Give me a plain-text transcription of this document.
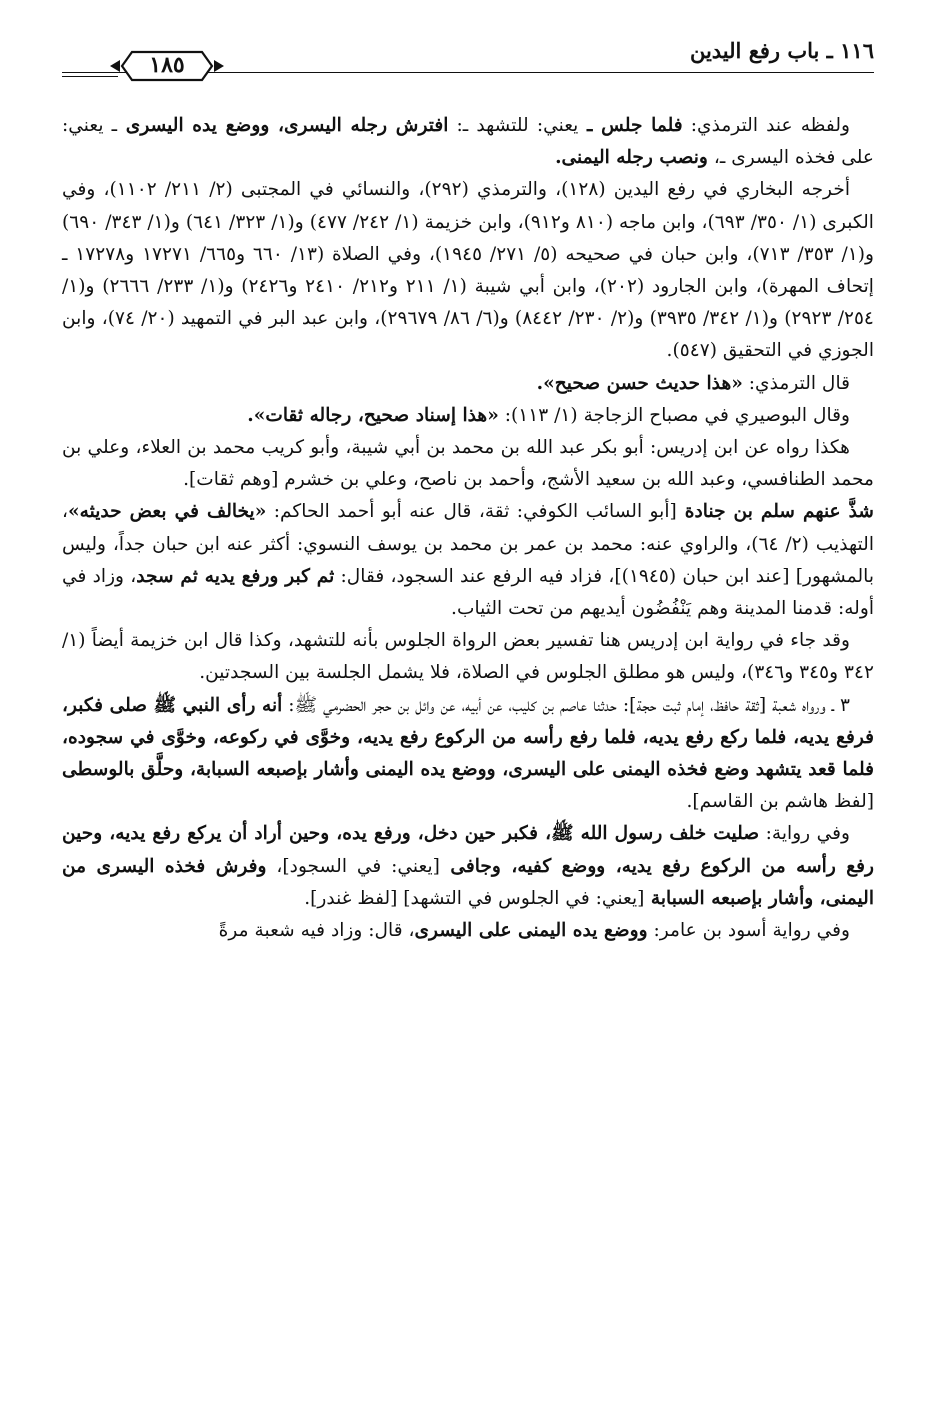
١١٦ ـ باب رفع اليدين
١٨٥

ولفظه عند الترمذي: فلما جلس ـ يعني: للتشهد ـ: افترش رجله اليسرى، ووضع يده اليسرى ـ يعني: على فخذه اليسرى ـ، ونصب رجله اليمنى.

أخرجه البخاري في رفع اليدين (١٢٨)، والترمذي (٢٩٢)، والنسائي في المجتبى (٢/ ٢١١/ ١١٠٢)، وفي الكبرى (١/ ٣٥٠/ ٦٩٣)، وابن ماجه (٨١٠ و٩١٢)، وابن خزيمة (١/ ٢٤٢/ ٤٧٧) و(١/ ٣٢٣/ ٦٤١) و(١/ ٣٤٣/ ٦٩٠) و(١/ ٣٥٣/ ٧١٣)، وابن حبان في صحيحه (٥/ ٢٧١/ ١٩٤٥)، وفي الصلاة (١٣/ ٦٦٠ و٦٦٥/ ١٧٢٧١ و١٧٢٧٨ ـ إتحاف المهرة)، وابن الجارود (٢٠٢)، وابن أبي شيبة (١/ ٢١١ و٢١٢/ ٢٤١٠ و٢٤٢٦) و(١/ ٢٣٣/ ٢٦٦٦) و(١/ ٢٥٤/ ٢٩٢٣) و(١/ ٣٤٢/ ٣٩٣٥) و(٢/ ٢٣٠/ ٨٤٤٢) و(٦/ ٨٦/ ٢٩٦٧٩)، وابن عبد البر في التمهيد (٢٠/ ٧٤)، وابن الجوزي في التحقيق (٥٤٧).

قال الترمذي: «هذا حديث حسن صحيح».

وقال البوصيري في مصباح الزجاجة (١/ ١١٣): «هذا إسناد صحيح، رجاله ثقات».

هكذا رواه عن ابن إدريس: أبو بكر عبد الله بن محمد بن أبي شيبة، وأبو كريب محمد بن العلاء، وعلي بن محمد الطنافسي، وعبد الله بن سعيد الأشج، وأحمد بن ناصح، وعلي بن خشرم [وهم ثقات].

شذَّ عنهم سلم بن جنادة [أبو السائب الكوفي: ثقة، قال عنه أبو أحمد الحاكم: «يخالف في بعض حديثه»، التهذيب (٢/ ٦٤)، والراوي عنه: محمد بن عمر بن محمد بن يوسف النسوي: أكثر عنه ابن حبان جداً، وليس بالمشهور] [عند ابن حبان (١٩٤٥)]، فزاد فيه الرفع عند السجود، فقال: ثم كبر ورفع يديه ثم سجد، وزاد في أوله: قدمنا المدينة وهم يَنْفُضُون أيديهم من تحت الثياب.

وقد جاء في رواية ابن إدريس هنا تفسير بعض الرواة الجلوس بأنه للتشهد، وكذا قال ابن خزيمة أيضاً (١/ ٣٤٢ و٣٤٥ و٣٤٦)، وليس هو مطلق الجلوس في الصلاة، فلا يشمل الجلسة بين السجدتين.

٣ ـ ورواه شعبة [ثقة حافظ، إمام ثبت حجة]: حدثنا عاصم بن كليب، عن أبيه، عن وائل بن حجر الحضرمي ﷺ: أنه رأى النبي ﷺ صلى فكبر، فرفع يديه، فلما ركع رفع يديه، فلما رفع رأسه من الركوع رفع يديه، وخوَّى في ركوعه، وخوَّى في سجوده، فلما قعد يتشهد وضع فخذه اليمنى على اليسرى، ووضع يده اليمنى وأشار بإصبعه السبابة، وحلَّق بالوسطى [لفظ هاشم بن القاسم].

وفي رواية: صليت خلف رسول الله ﷺ، فكبر حين دخل، ورفع يده، وحين أراد أن يركع رفع يديه، وحين رفع رأسه من الركوع رفع يديه، ووضع كفيه، وجافى [يعني: في السجود]، وفرش فخذه اليسرى من اليمنى، وأشار بإصبعه السبابة [يعني: في الجلوس في التشهد] [لفظ غندر].

وفي رواية أسود بن عامر: ووضع يده اليمنى على اليسرى، قال: وزاد فيه شعبة مرةً
